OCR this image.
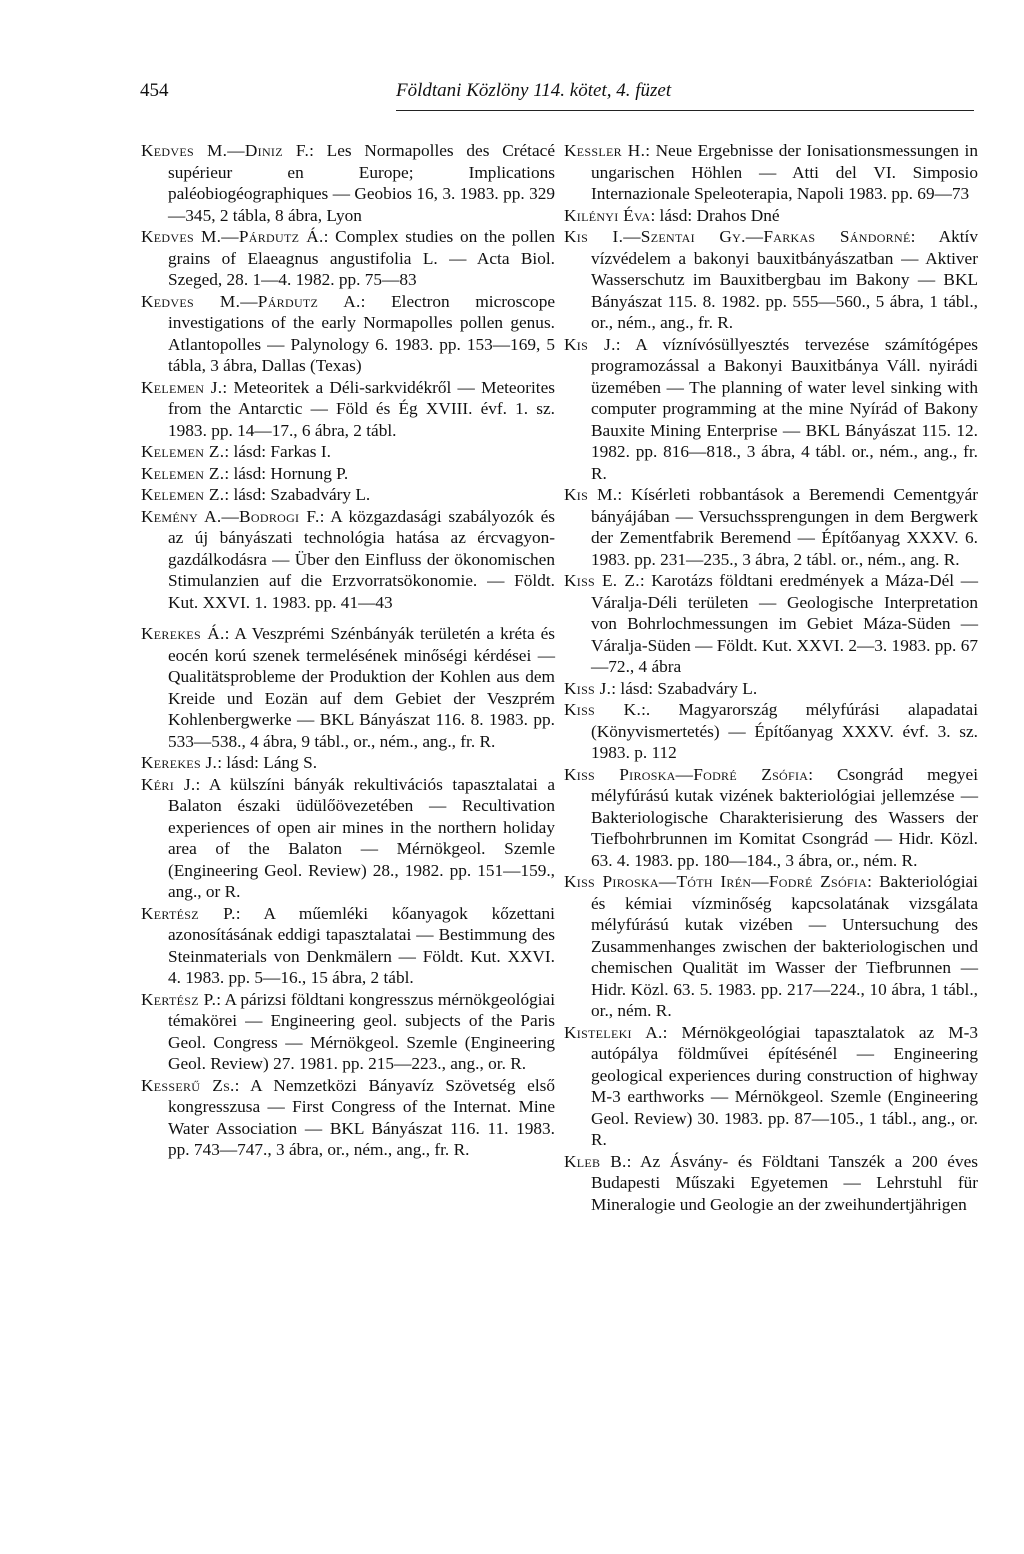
454	Földtani Közlöny 114. kötet, 4. füzet
Kedves M.—Diniz F.: Les Normapolles des Crétacé supérieur en Europe; Implications paléobiogéographiques — Geobios 16, 3. 1983. pp. 329—345, 2 tábla, 8 ábra, Lyon
Kedves M.—Párdutz Á.: Complex studies on the pollen grains of Elaeagnus angustifolia L. — Acta Biol. Szeged, 28. 1—4. 1982. pp. 75—83
Kedves M.—Párdutz A.: Electron microscope investigations of the early Normapolles pollen genus. Atlantopolles — Palynology 6. 1983. pp. 153—169, 5 tábla, 3 ábra, Dallas (Texas)
Kelemen J.: Meteoritek a Déli-sarkvidékről — Meteorites from the Antarctic — Föld és Ég XVIII. évf. 1. sz. 1983. pp. 14—17., 6 ábra, 2 tábl.
Kelemen Z.: lásd: Farkas I.
Kelemen Z.: lásd: Hornung P.
Kelemen Z.: lásd: Szabadváry L.
Kemény A.—Bodrogi F.: A közgazdasági szabályozók és az új bányászati technológia hatása az ércvagyon-gazdálkodásra — Über den Einfluss der ökonomischen Stimulanzien auf die Erzvorratsökonomie. — Földt. Kut. XXVI. 1. 1983. pp. 41—43
Kerekes Á.: A Veszprémi Szénbányák területén a kréta és eocén korú szenek termelésének minőségi kérdései — Qualitätsprobleme der Produktion der Kohlen aus dem Kreide und Eozän auf dem Gebiet der Veszprém Kohlenbergwerke — BKL Bányászat 116. 8. 1983. pp. 533—538., 4 ábra, 9 tábl., or., ném., ang., fr. R.
Kerekes J.: lásd: Láng S.
Kéri J.: A külszíni bányák rekultivációs tapasztalatai a Balaton északi üdülőövezetében — Recultivation experiences of open air mines in the northern holiday area of the Balaton — Mérnökgeol. Szemle (Engineering Geol. Review) 28., 1982. pp. 151—159., ang., or R.
Kertész P.: A műemléki kőanyagok kőzettani azonosításának eddigi tapasztalatai — Bestimmung des Steinmaterials von Denkmälern — Földt. Kut. XXVI. 4. 1983. pp. 5—16., 15 ábra, 2 tábl.
Kertész P.: A párizsi földtani kongresszus mérnökgeológiai témakörei — Engineering geol. subjects of the Paris Geol. Congress — Mérnökgeol. Szemle (Engineering Geol. Review) 27. 1981. pp. 215—223., ang., or. R.
Kesserű Zs.: A Nemzetközi Bányavíz Szövetség első kongresszusa — First Congress of the Internat. Mine Water Association — BKL Bányászat 116. 11. 1983. pp. 743—747., 3 ábra, or., ném., ang., fr. R.
Kessler H.: Neue Ergebnisse der Ionisationsmessungen in ungarischen Höhlen — Atti del VI. Simposio Internazionale Speleoterapia, Napoli 1983. pp. 69—73
Kilényi Éva: lásd: Drahos Dné
Kis I.—Szentai Gy.—Farkas Sándorné: Aktív vízvédelem a bakonyi bauxitbányászatban — Aktiver Wasserschutz im Bauxitbergbau im Bakony — BKL Bányászat 115. 8. 1982. pp. 555—560., 5 ábra, 1 tábl., or., ném., ang., fr. R.
Kis J.: A víznívósüllyesztés tervezése számítógépes programozással a Bakonyi Bauxitbánya Váll. nyirádi üzemében — The planning of water level sinking with computer programming at the mine Nyírád of Bakony Bauxite Mining Enterprise — BKL Bányászat 115. 12. 1982. pp. 816—818., 3 ábra, 4 tábl. or., ném., ang., fr. R.
Kis M.: Kísérleti robbantások a Beremendi Cementgyár bányájában — Versuchssprengungen in dem Bergwerk der Zementfabrik Beremend — Építőanyag XXXV. 6. 1983. pp. 231—235., 3 ábra, 2 tábl. or., ném., ang. R.
Kiss E. Z.: Karotázs földtani eredmények a Máza-Dél — Váralja-Déli területen — Geologische Interpretation von Bohrlochmessungen im Gebiet Máza-Süden — Váralja-Süden — Földt. Kut. XXVI. 2—3. 1983. pp. 67—72., 4 ábra
Kiss J.: lásd: Szabadváry L.
Kiss K.:. Magyarország mélyfúrási alapadatai (Könyvismertetés) — Építőanyag XXXV. évf. 3. sz. 1983. p. 112
Kiss Piroska—Fodré Zsófia: Csongrád megyei mélyfúrású kutak vizének bakteriológiai jellemzése — Bakteriologische Charakterisierung des Wassers der Tiefbohrbrunnen im Komitat Csongrád — Hidr. Közl. 63. 4. 1983. pp. 180—184., 3 ábra, or., ném. R.
Kiss Piroska—Tóth Irén—Fodré Zsófia: Bakteriológiai és kémiai vízminőség kapcsolatának vizsgálata mélyfúrású kutak vizében — Untersuchung des Zusammenhanges zwischen der bakteriologischen und chemischen Qualität im Wasser der Tiefbrunnen — Hidr. Közl. 63. 5. 1983. pp. 217—224., 10 ábra, 1 tábl., or., ném. R.
Kisteleki A.: Mérnökgeológiai tapasztalatok az M-3 autópálya földművei építésénél — Engineering geological experiences during construction of highway M-3 earthworks — Mérnökgeol. Szemle (Engineering Geol. Review) 30. 1983. pp. 87—105., 1 tábl., ang., or. R.
Kleb B.: Az Ásvány- és Földtani Tanszék a 200 éves Budapesti Műszaki Egyetemen — Lehrstuhl für Mineralogie und Geologie an der zweihundertjährigen
